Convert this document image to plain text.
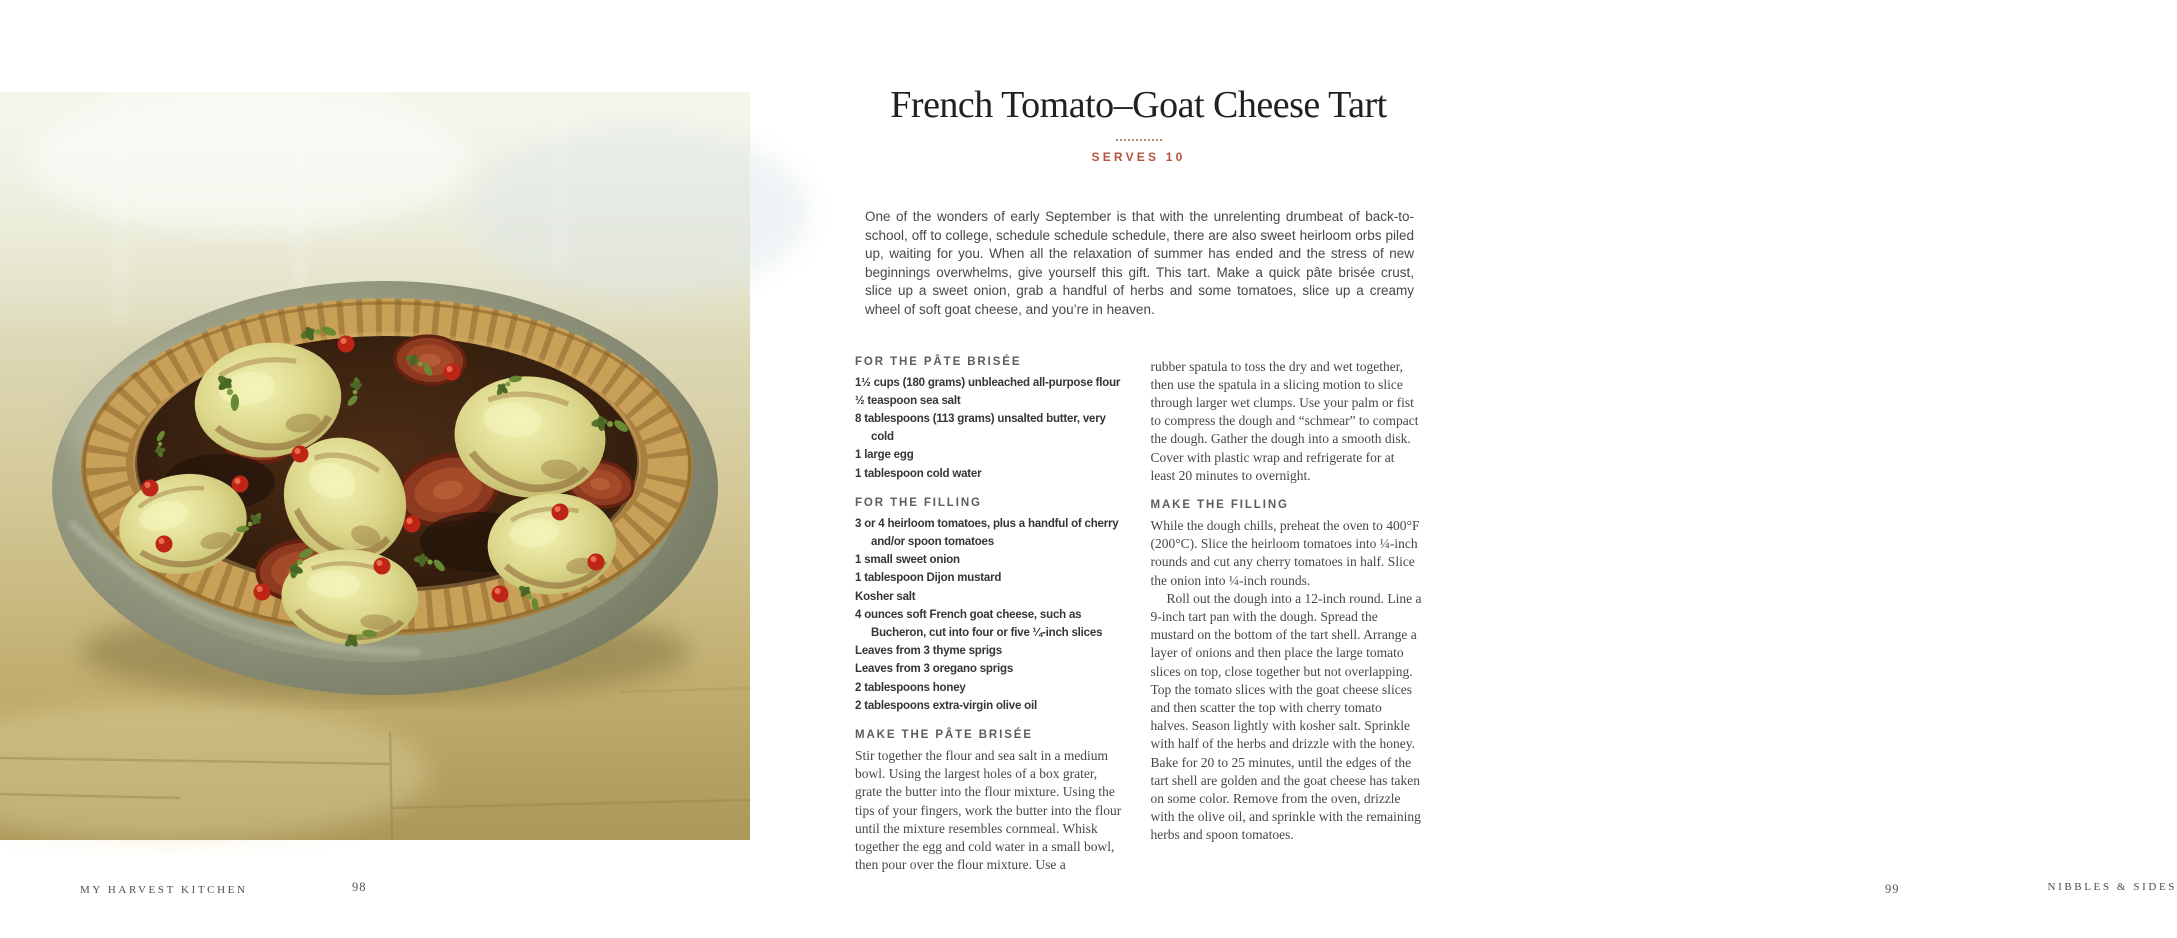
MY HARVEST KITCHEN	98
French Tomato–Goat Cheese Tart
SERVES 10

One of the wonders of early September is that with the unrelenting drumbeat of back-to-school, off to college, schedule schedule schedule, there are also sweet heirloom orbs piled up, waiting for you. When all the relaxation of summer has ended and the stress of new beginnings overwhelms, give yourself this gift. This tart. Make a quick pâte brisée crust, slice up a sweet onion, grab a handful of herbs and some tomatoes, slice up a creamy wheel of soft goat cheese, and you’re in heaven.

FOR THE PÂTE BRISÉE
1½ cups (180 grams) unbleached all-purpose flour
½ teaspoon sea salt
8 tablespoons (113 grams) unsalted butter, very cold
1 large egg
1 tablespoon cold water
FOR THE FILLING
3 or 4 heirloom tomatoes, plus a handful of cherry and/or spoon tomatoes
1 small sweet onion
1 tablespoon Dijon mustard
Kosher salt
4 ounces soft French goat cheese, such as Bucheron, cut into four or five ¼-inch slices
Leaves from 3 thyme sprigs
Leaves from 3 oregano sprigs
2 tablespoons honey
2 tablespoons extra-virgin olive oil
MAKE THE PÂTE BRISÉE

Stir together the flour and sea salt in a medium bowl. Using the largest holes of a box grater, grate the butter into the flour mixture. Using the tips of your fingers, work the butter into the flour until the mixture resembles cornmeal. Whisk together the egg and cold water in a small bowl, then pour over the flour mixture. Use a

rubber spatula to toss the dry and wet together, then use the spatula in a slicing motion to slice through larger wet clumps. Use your palm or fist to compress the dough and “schmear” to compact the dough. Gather the dough into a smooth disk. Cover with plastic wrap and refrigerate for at least 20 minutes to overnight.

MAKE THE FILLING

While the dough chills, preheat the oven to 400°F (200°C). Slice the heirloom tomatoes into ¼-inch rounds and cut any cherry tomatoes in half. Slice the onion into ¼-inch rounds.

Roll out the dough into a 12-inch round. Line a 9-inch tart pan with the dough. Spread the mustard on the bottom of the tart shell. Arrange a layer of onions and then place the large tomato slices on top, close together but not overlapping. Top the tomato slices with the goat cheese slices and then scatter the top with cherry tomato halves. Season lightly with kosher salt. Sprinkle with half of the herbs and drizzle with the honey. Bake for 20 to 25 minutes, until the edges of the tart shell are golden and the goat cheese has taken on some color. Remove from the oven, drizzle with the olive oil, and sprinkle with the remaining herbs and spoon tomatoes.

99	NIBBLES & SIDES
